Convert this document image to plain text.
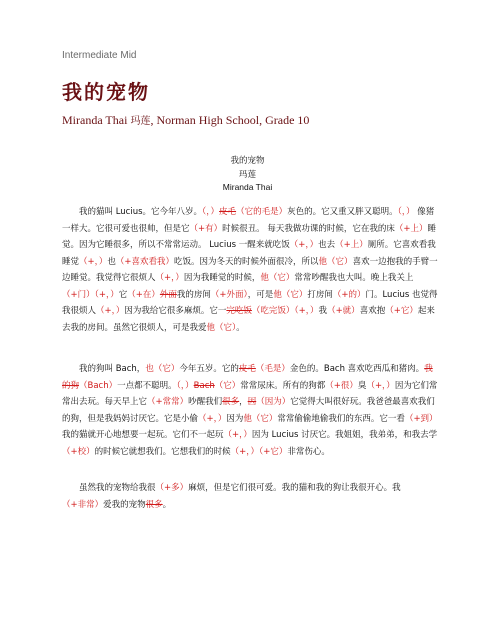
Intermediate Mid
我的宠物
Miranda Thai 玛莲, Norman High School, Grade 10
我的宠物
玛莲
Miranda Thai
我的猫叫 Lucius。它今年八岁。（，）皮毛（它的毛是）灰色的。它又重又胖又聪明。（，） 像猪一样大。它很可爱也很帅，但是它（+有）时候很丑。 每天我做功课的时候，它在我的床（+上）睡觉。因为它睡很多，所以不常常运动。 Lucius 一醒来就吃饭（+，）也去（+上）厕所。它喜欢看我睡觉（+，）也（+喜欢看我）吃饭。因为冬天的时候外面很冷，所以他（它）喜欢一边抱我的手臂一边睡觉。我觉得它很烦人（+，）因为我睡觉的时候，他（它）常常吵醒我也大叫。晚上我关上（+门）（+，）它（+在）外面我的房间（+外面），可是他（它）打房间（+的）门。Lucius 也觉得我很烦人（+，）因为我给它很多麻烦。它一完吃饭（吃完饭）（+，）我（+就）喜欢抱（+它）起来去我的房间。虽然它很烦人，可是我爱他（它）。
我的狗叫 Bach，也（它）今年五岁。它的皮毛（毛是）金色的。Bach 喜欢吃西瓜和猪肉。我的狗（Bach）一点都不聪明。（，）Bach（它）常常尿床。所有的狗都（+很）臭（+，）因为它们常常出去玩。每天早上它（+常常）吵醒我们很多，因（因为）它觉得大叫很好玩。我爸爸最喜欢我们的狗，但是我妈妈讨厌它。它是小偷（+，）因为他（它）常常偷偷地偷我们的东西。它一看（+到）我的猫就开心地想要一起玩。它们不一起玩（+，）因为 Lucius 讨厌它。我姐姐，我弟弟，和我去学（+校）的时候它就想我们。它想我们的时候（+，）（+它）非常伤心。
虽然我的宠物给我很（+多）麻烦，但是它们很可爱。我的猫和我的狗让我很开心。我（+非常）爱我的宠物很多。
